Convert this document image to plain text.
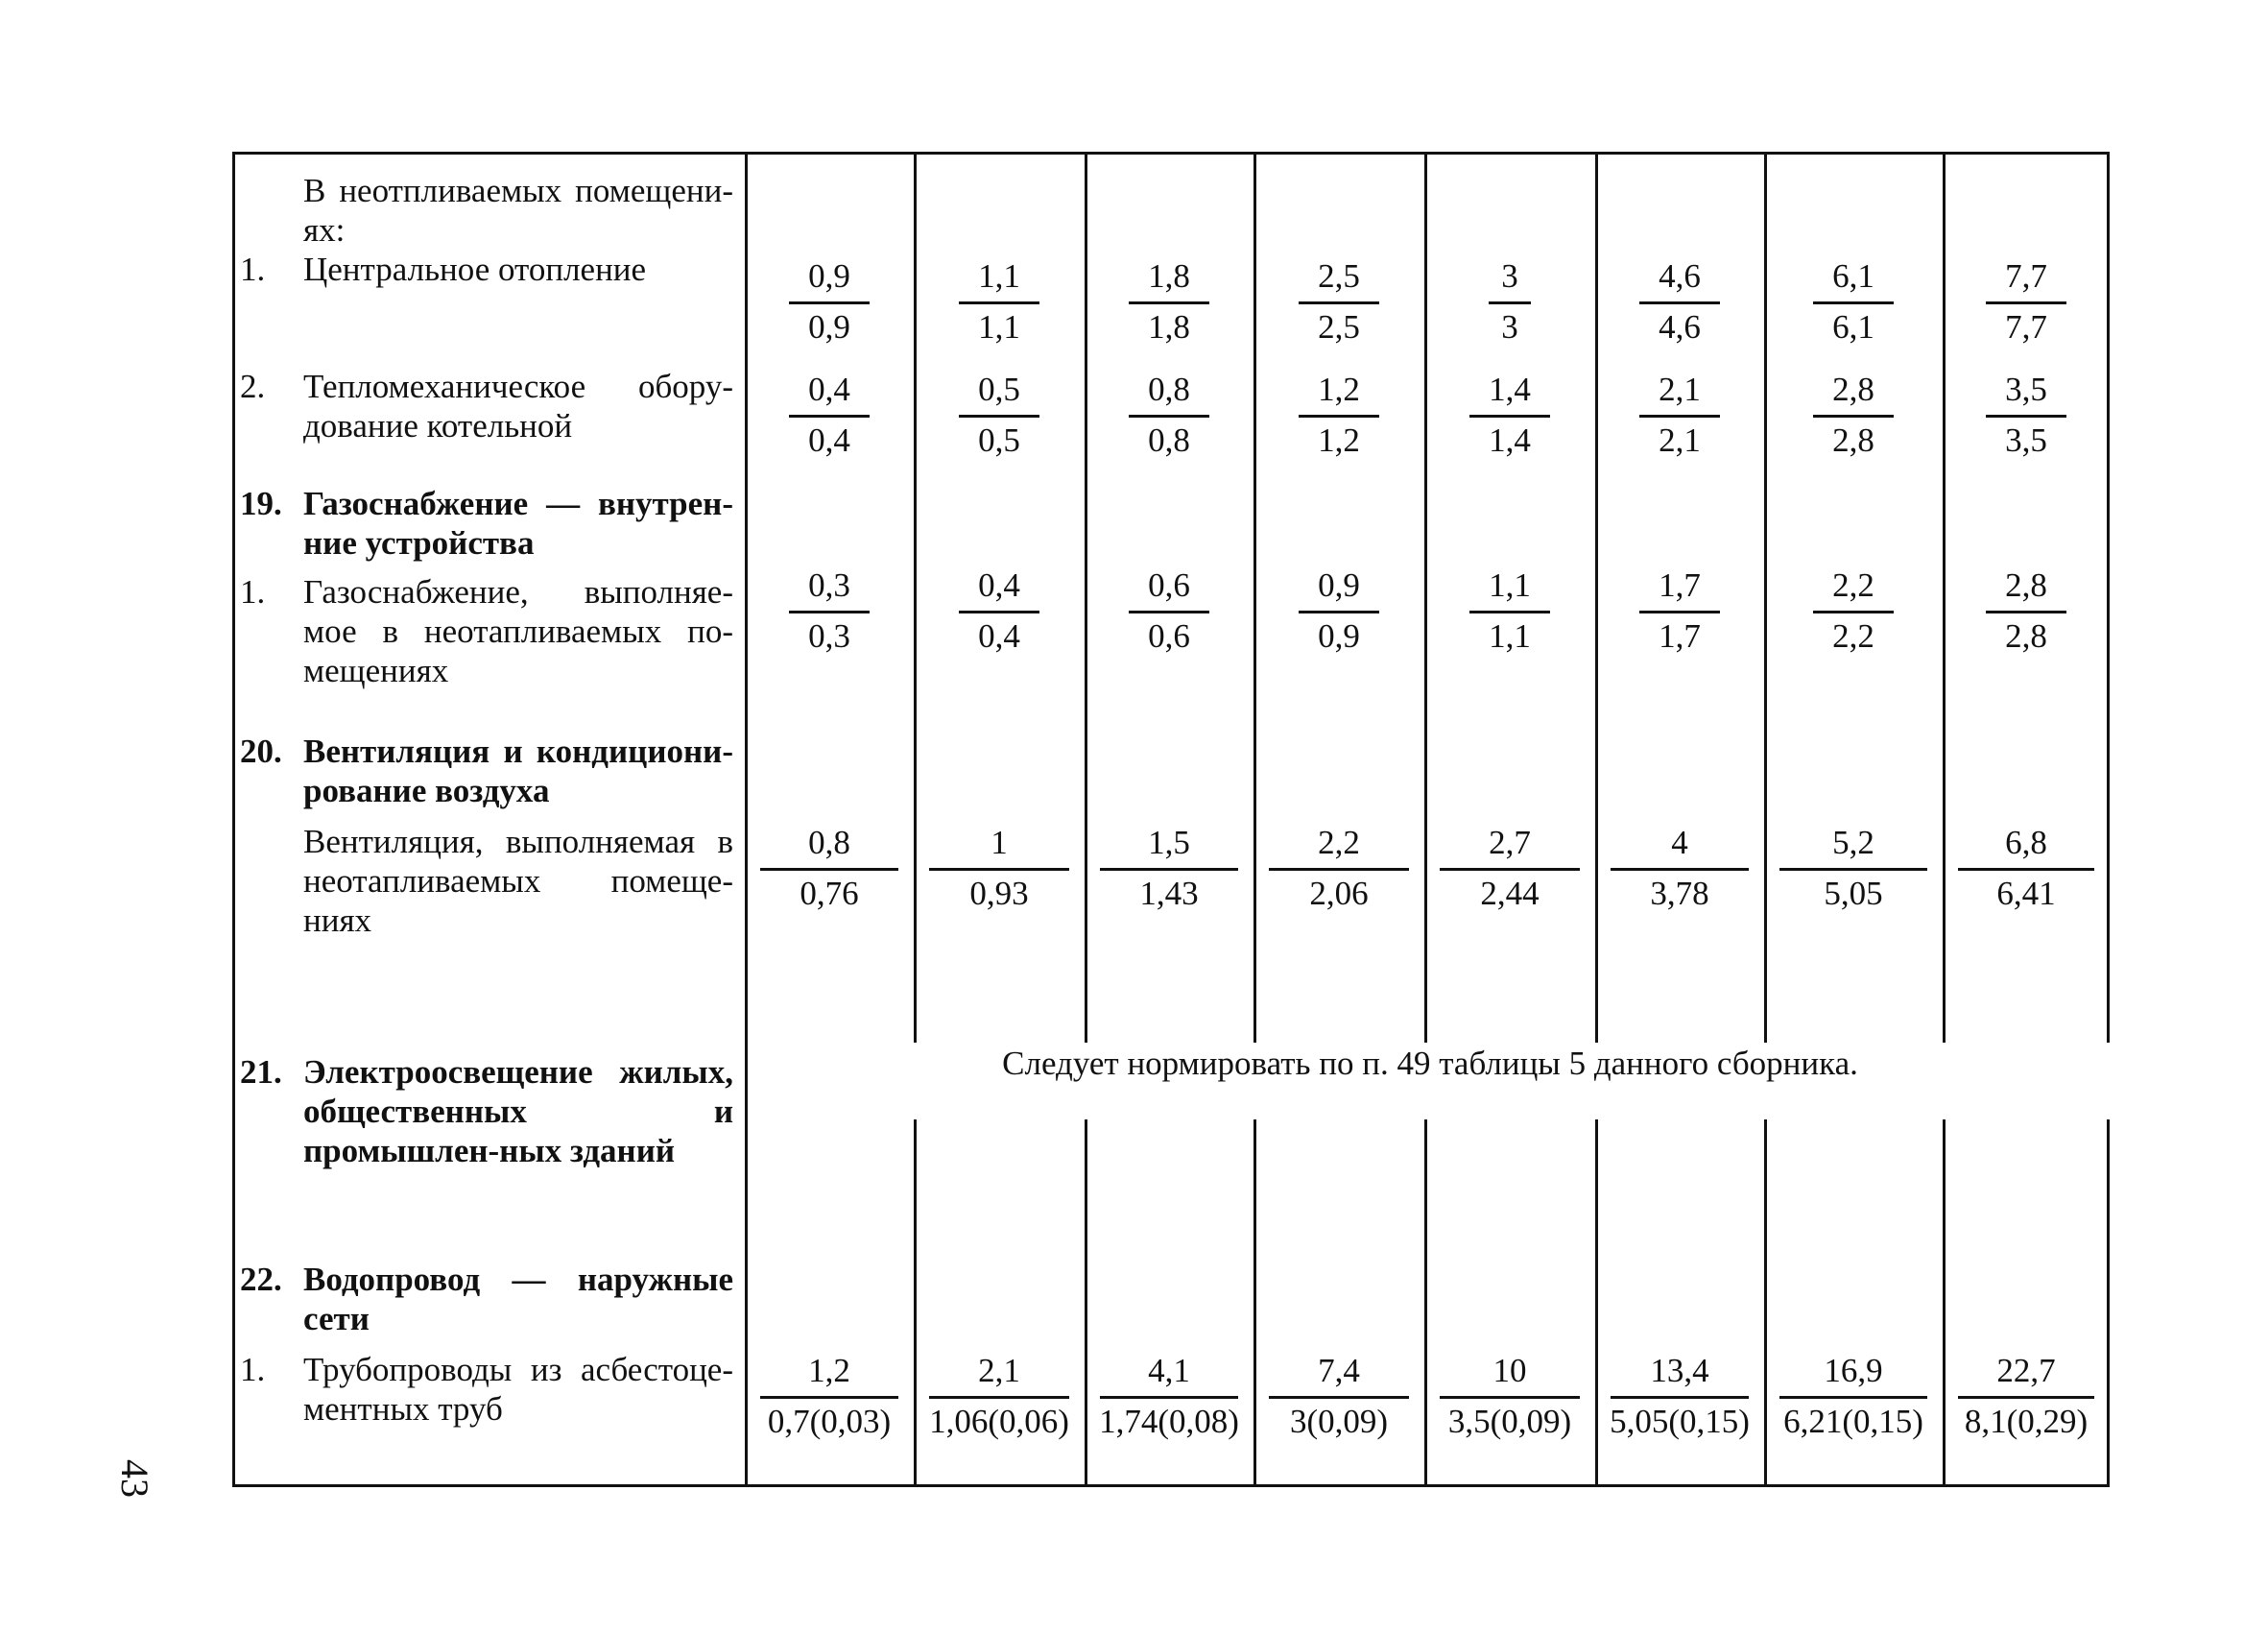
В неотпливаемых помещени-ях:
1. Центральное отопление
2. Тепломеханическое обору-дование котельной
19. Газоснабжение — внутрен-ние устройства
1. Газоснабжение, выполняе-мое в неотапливаемых по-мещениях
20. Вентиляция и кондициони-рование воздуха
Вентиляция, выполняемая в неотапливаемых помеще-ниях
21. Электроосвещение жилых, общественных и промышлен-ных зданий
22. Водопровод — наружные сети
1. Трубопроводы из асбестоце-ментных труб
0,9
0,9
1,1
1,1
1,8
1,8
2,5
2,5
3
3
4,6
4,6
6,1
6,1
7,7
7,7
0,4
0,4
0,5
0,5
0,8
0,8
1,2
1,2
1,4
1,4
2,1
2,1
2,8
2,8
3,5
3,5
0,3
0,3
0,4
0,4
0,6
0,6
0,9
0,9
1,1
1,1
1,7
1,7
2,2
2,2
2,8
2,8
0,8
0,76
1
0,93
1,5
1,43
2,2
2,06
2,7
2,44
4
3,78
5,2
5,05
6,8
6,41
1,2
0,7(0,03)
2,1
1,06(0,06)
4,1
1,74(0,08)
7,4
3(0,09)
10
3,5(0,09)
13,4
5,05(0,15)
16,9
6,21(0,15)
22,7
8,1(0,29)
Следует нормировать по п. 49 таблицы 5 данного сборника.
43
